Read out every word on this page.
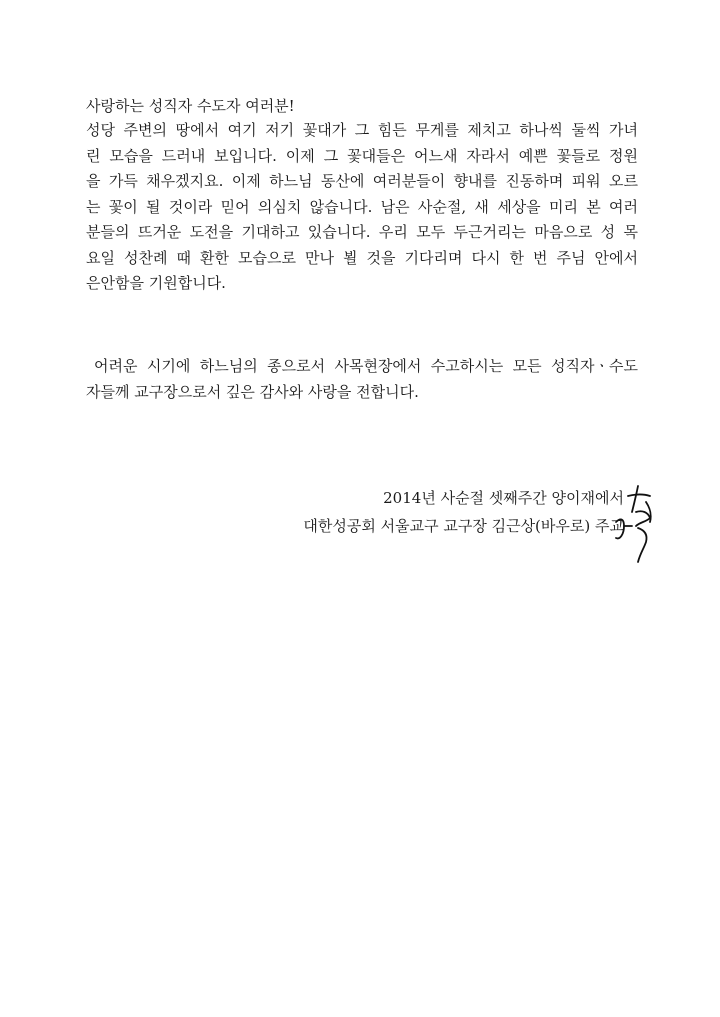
사랑하는 성직자 수도자 여러분!
성당 주변의 땅에서 여기 저기 꽃대가 그 힘든 무게를 제치고 하나씩 둘씩 가녀
린 모습을 드러내 보입니다. 이제 그 꽃대들은 어느새 자라서 예쁜 꽃들로 정원
을 가득 채우겠지요. 이제 하느님 동산에 여러분들이 향내를 진동하며 피워 오르
는 꽃이 될 것이라 믿어 의심치 않습니다. 남은 사순절, 새 세상을 미리 본 여러
분들의 뜨거운 도전을 기대하고 있습니다. 우리 모두 두근거리는 마음으로 성 목
요일 성찬례 때 환한 모습으로 만나 뵐 것을 기다리며 다시 한 번 주님 안에서
은안함을 기원합니다.
어려운 시기에 하느님의 종으로서 사목현장에서 수고하시는 모든 성직자ㆍ수도
자들께 교구장으로서 깊은 감사와 사랑을 전합니다.
2014년 사순절 셋째주간 양이재에서
대한성공회 서울교구 교구장 김근상(바우로) 주교
